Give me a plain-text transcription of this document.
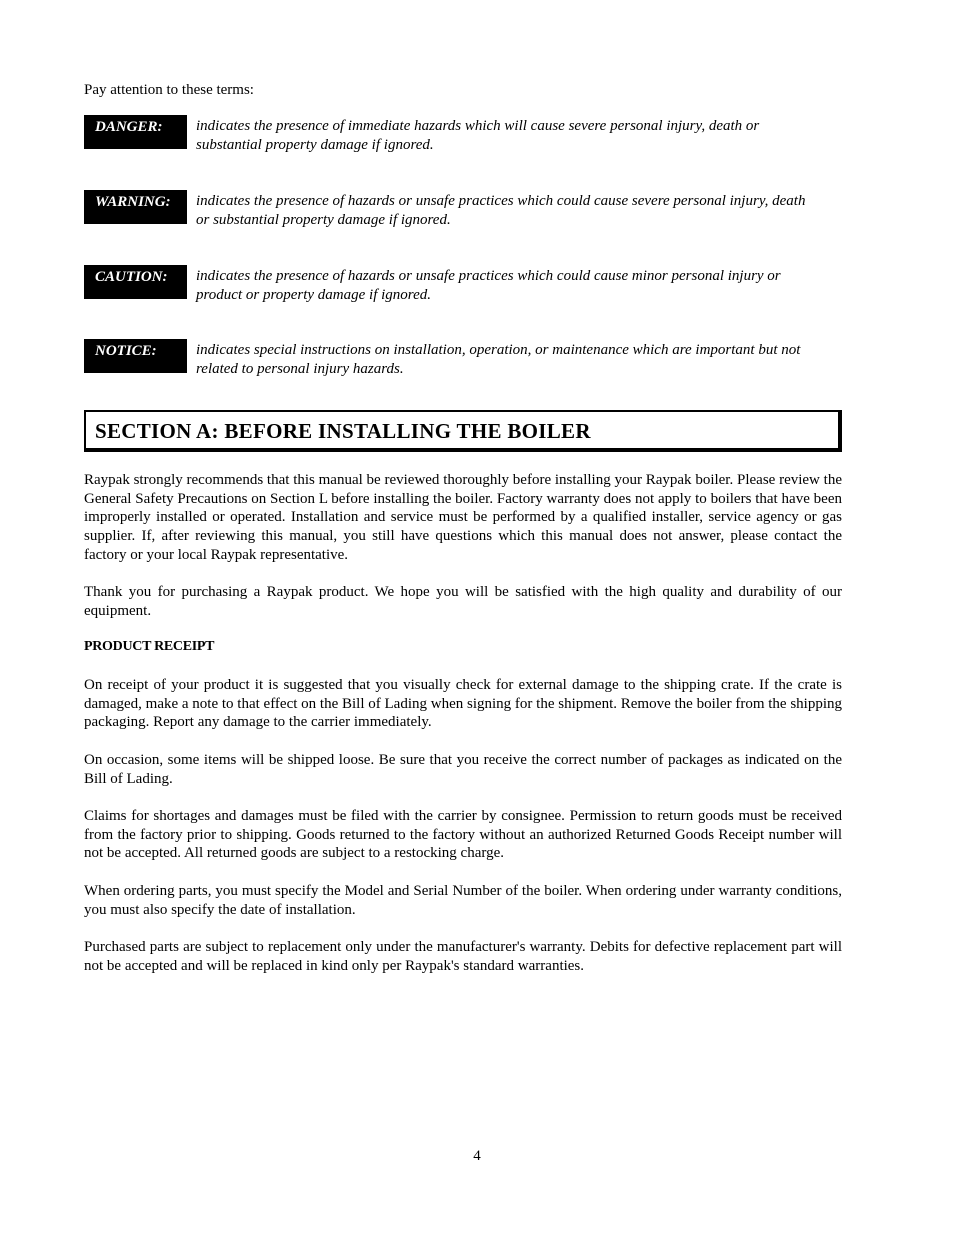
Pay attention to these terms:
DANGER:	indicates the presence of immediate hazards which will cause severe personal injury, death or substantial property damage if ignored.
WARNING:	indicates the presence of hazards or unsafe practices which could cause severe personal injury, death or substantial property damage if ignored.
CAUTION:	indicates the presence of hazards or unsafe practices which could cause minor personal injury or product or property damage if ignored.
NOTICE:	indicates special instructions on installation, operation, or maintenance which are important but not related to personal injury hazards.
SECTION A: BEFORE INSTALLING THE BOILER
Raypak strongly recommends that this manual be reviewed thoroughly before installing your Raypak boiler. Please review the General Safety Precautions on Section L before installing the boiler. Factory warranty does not apply to boilers that have been improperly installed or operated. Installation and service must be performed by a qualified installer, service agency or gas supplier. If, after reviewing this manual, you still have questions which this manual does not answer, please contact the factory or your local Raypak representative.
Thank you for purchasing a Raypak product. We hope you will be satisfied with the high quality and durability of our equipment.
PRODUCT RECEIPT
On receipt of your product it is suggested that you visually check for external damage to the shipping crate. If the crate is damaged, make a note to that effect on the Bill of Lading when signing for the shipment. Remove the boiler from the shipping packaging. Report any damage to the carrier immediately.
On occasion, some items will be shipped loose. Be sure that you receive the correct number of packages as indicated on the Bill of Lading.
Claims for shortages and damages must be filed with the carrier by consignee. Permission to return goods must be received from the factory prior to shipping. Goods returned to the factory without an authorized Returned Goods Receipt number will not be accepted. All returned goods are subject to a restocking charge.
When ordering parts, you must specify the Model and Serial Number of the boiler. When ordering under warranty conditions, you must also specify the date of installation.
Purchased parts are subject to replacement only under the manufacturer's warranty. Debits for defective replacement part will not be accepted and will be replaced in kind only per Raypak's standard warranties.
4
